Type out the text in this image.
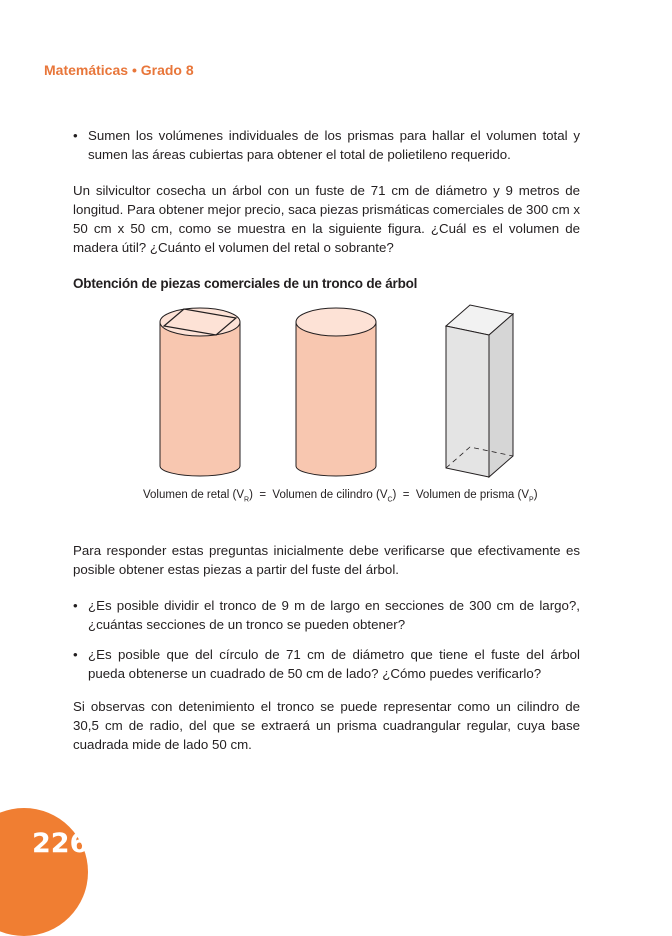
Matemáticas • Grado 8
• Sumen los volúmenes individuales de los prismas para hallar el volumen total y sumen las áreas cubiertas para obtener el total de polietileno requerido.

Un silvicultor cosecha un árbol con un fuste de 71 cm de diámetro y 9 metros de longitud. Para obtener mejor precio, saca piezas prismáticas comerciales de 300 cm x 50 cm x 50 cm, como se muestra en la siguiente figura. ¿Cuál es el volumen de madera útil? ¿Cuánto el volumen del retal o sobrante?

Obtención de piezas comerciales de un tronco de árbol
Volumen de retal $(V_R)$ = Volumen de cilindro $(V_C)$ = Volumen de prisma $(V_P)$

Para responder estas preguntas inicialmente debe verificarse que efectivamente es posible obtener estas piezas a partir del fuste del árbol.

• ¿Es posible dividir el tronco de 9 m de largo en secciones de 300 cm de largo?, ¿cuántas secciones de un tronco se pueden obtener?
• ¿Es posible que del círculo de 71 cm de diámetro que tiene el fuste del árbol pueda obtenerse un cuadrado de 50 cm de lado? ¿Cómo puedes verificarlo?

Si observas con detenimiento el tronco se puede representar como un cilindro de 30,5 cm de radio, del que se extraerá un prisma cuadrangular regular, cuya base cuadrada mide de lado 50 cm.

226
